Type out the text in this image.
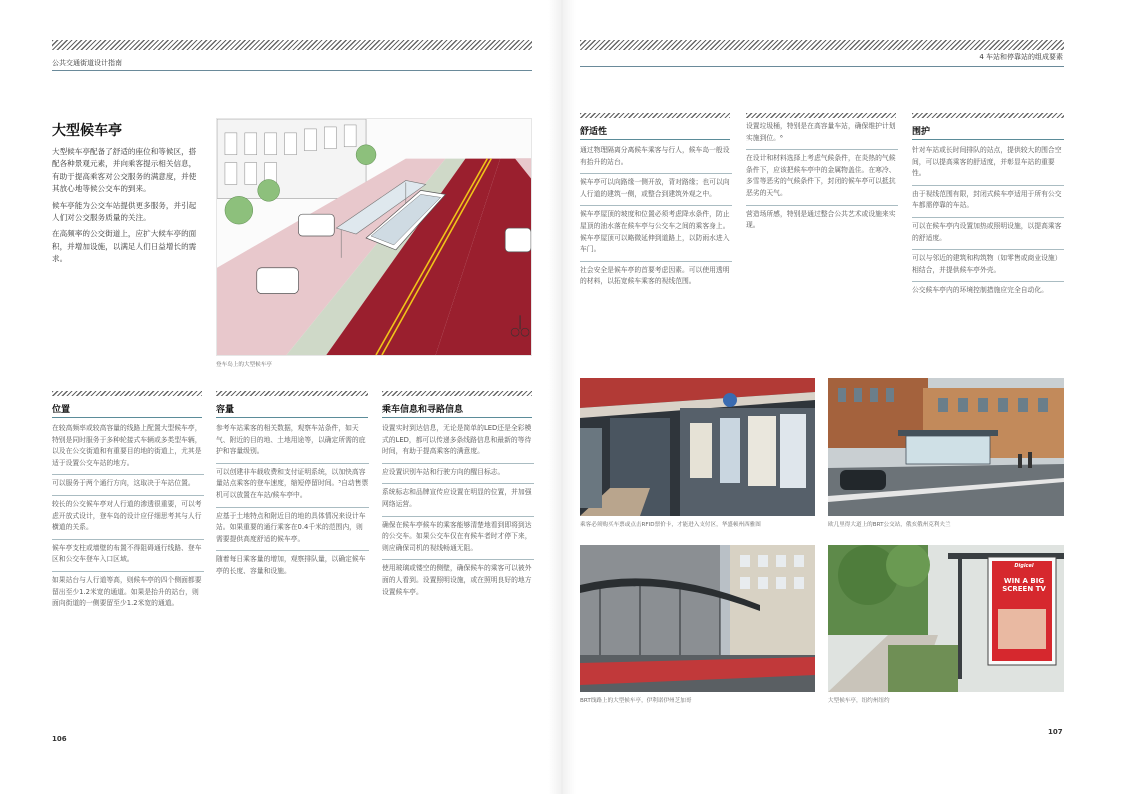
公共交通街道设计指南
大型候车亭

大型候车亭配备了舒适的座位和等候区，搭配各种景观元素，并向乘客提示相关信息，有助于提高乘客对公交服务的满意度，并使其放心地等候公交车的到来。

候车亭能为公交车站提供更多服务，并引起人们对公交服务质量的关注。

在高频率的公交街道上，应扩大候车亭的面积，并增加设施，以满足人们日益增长的需求。

登车岛上的大型候车亭
位置
在较高频率或较高容量的线路上配置大型候车亭，特别是同时服务于多种轮接式车辆或多类型车辆，以及在公交街道和有重要目的地的街道上，尤其是适于设置公交车站的地方。
可以服务于两个通行方向，这取决于车站位置。
较长的公交候车亭对人行道的渗透很重要，可以考虑开放式设计，登车岛的设计应仔细思考其与人行横道的关系。
候车亭支柱或墙壁的布置不得阻碍通行线路、登车区和公交车登车入口区域。
如果站台与人行道等高，则候车亭的四个侧面都要留出至少1.2米宽的通道。如果是抬升的站台，则面向街道的一侧要留至少1.2米宽的通道。
容量
参考车站乘客的相关数据，观察车站条件，如天气、附近的目的地、土地用途等，以确定所需的庇护和容量级别。
可以创建非车载收费和支付证明系统，以加快高容量站点乘客的登车速度，缩短停留时间。⁵自动售票机可以放置在车站/候车亭中。
应基于土地特点和附近目的地的具体情况来设计车站。如果重要的通行乘客在0.4千米的范围内，则需要提供高度舒适的候车亭。
随着每日乘客量的增加，观察排队量，以确定候车亭的长度、容量和设施。
乘车信息和寻路信息
设置实时到达信息，无论是简单的LED还是全彩模式的LED，都可以传递多条线路信息和最新的等待时间，有助于提高乘客的满意度。
应设置识别车站和行驶方向的醒目标志。
系统标志和品牌宣传应设置在明显的位置，并加强网络运营。
确保在候车亭候车的乘客能够清楚地看到即将到达的公交车。如果公交车仅在有候车者时才停下来，则应确保司机的视线畅通无阻。
使用玻璃或镂空的侧壁，确保候车的乘客可以被外面的人看到。设置照明设施，或在照明良好的地方设置候车亭。
106
4 车站和停靠站的组成要素
舒适性
通过物理隔离分离候车乘客与行人，候车岛一般设有抬升的站台。
候车亭可以向路缘一侧开放，背对路缘；也可以向人行道的建筑一侧，或整合到建筑外观之中。
候车亭屋顶的坡度和位置必须考虑降水条件，防止屋顶的油水落在候车亭与公交车之间的乘客身上。候车亭屋顶可以略微延伸到道路上，以防雨水进入车门。
社会安全是候车亭的首要考虑因素。可以使用透明的材料，以拓宽候车乘客的视线范围。
设置垃圾桶，特别是在高容量车站，确保维护计划实施到位。⁶
在设计和材料选择上考虑气候条件，在炎热的气候条件下，应该把候车亭中的金属物盖住。在寒冷、多雪等恶劣的气候条件下，封闭的候车亭可以抵抗恶劣的天气。
营造场所感，特别是通过整合公共艺术或设施来实现。
围护
针对车站或长时间排队的站点，提供较大的围合空间，可以提高乘客的舒适度，并彰显车站的重要性。
由于视线范围有限，封闭式候车亭适用于所有公交车都需停靠的车站。
可以在候车亭内设置加热或照明设施，以提高乘客的舒适度。
可以与邻近的建筑和构筑物（如零售或商业设施）相结合，并提供候车亭外壳。
公交候车亭内的环境控制措施应完全自动化。
乘客必须购买车票或点击RFID票价卡，才能进入支付区，华盛顿州西雅图	欧几里得大道上的BRT公交站，俄亥俄州克利夫兰
BRT线路上的大型候车亭，伊利诺伊州芝加哥
Digicel
WIN A BIG
SCREEN TV
大型候车亭，纽约州纽约
107
